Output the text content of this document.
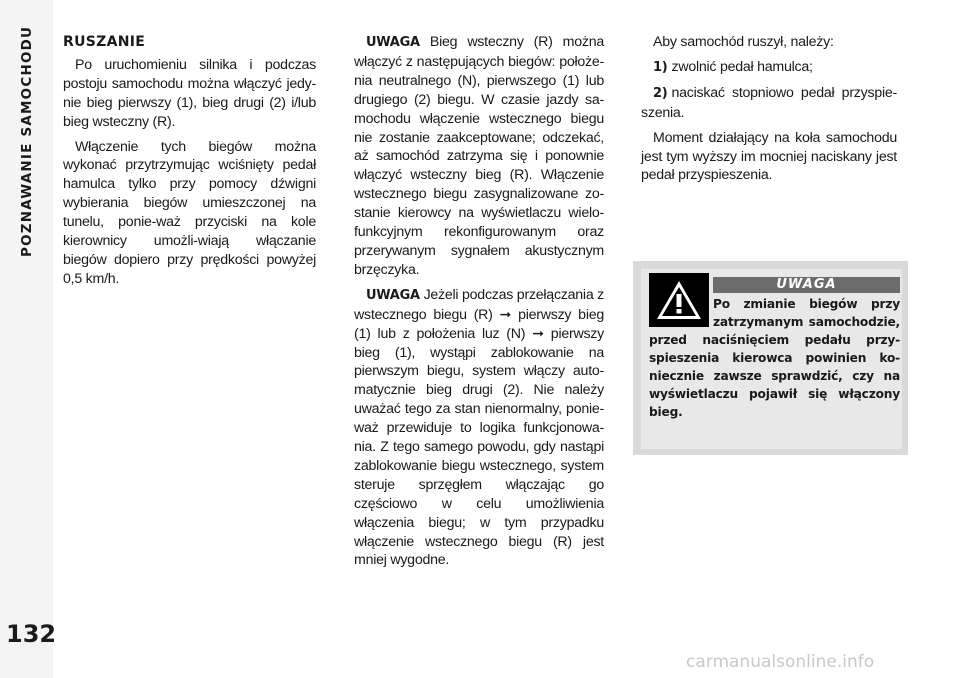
POZNAWANIE SAMOCHODU
132
RUSZANIE

Po uruchomieniu silnika i podczas postoju samochodu można włączyć jedy-nie bieg pierwszy (1), bieg drugi (2) i/lub bieg wsteczny (R).

Włączenie tych biegów można wykonać przytrzymując wciśnięty pedał hamulca tylko przy pomocy dźwigni wybierania biegów umieszczonej na tunelu, ponie-waż przyciski na kole kierownicy umożli-wiają włączanie biegów dopiero przy prędkości powyżej 0,5 km/h.

UWAGA Bieg wsteczny (R) można włączyć z następujących biegów: położe-nia neutralnego (N), pierwszego (1) lub drugiego (2) biegu. W czasie jazdy sa-mochodu włączenie wstecznego biegu nie zostanie zaakceptowane; odczekać, aż samochód zatrzyma się i ponownie włączyć wsteczny bieg (R). Włączenie wstecznego biegu zasygnalizowane zo-stanie kierowcy na wyświetlaczu wielo-funkcyjnym rekonfigurowanym oraz przerywanym sygnałem akustycznym brzęczyka.

UWAGA Jeżeli podczas przełączania z wstecznego biegu (R) ➞ pierwszy bieg (1) lub z położenia luz (N) ➞ pierwszy bieg (1), wystąpi zablokowanie na pierwszym biegu, system włączy auto-matycznie bieg drugi (2). Nie należy uważać tego za stan nienormalny, ponie-waż przewiduje to logika funkcjonowa-nia. Z tego samego powodu, gdy nastąpi zablokowanie biegu wstecznego, system steruje sprzęgłem włączając go częściowo w celu umożliwienia włączenia biegu; w tym przypadku włączenie wstecznego biegu (R) jest mniej wygodne.

Aby samochód ruszył, należy:

1) zwolnić pedał hamulca;

2) naciskać stopniowo pedał przyspie-szenia.

Moment działający na koła samochodu jest tym wyższy im mocniej naciskany jest pedał przyspieszenia.

UWAGA
Po zmianie biegów przy zatrzymanym samochodzie, przed naciśnięciem pedału przy-spieszenia kierowca powinien ko-niecznie zawsze sprawdzić, czy na wyświetlaczu pojawił się włączony bieg.
carmanualsonline.info
